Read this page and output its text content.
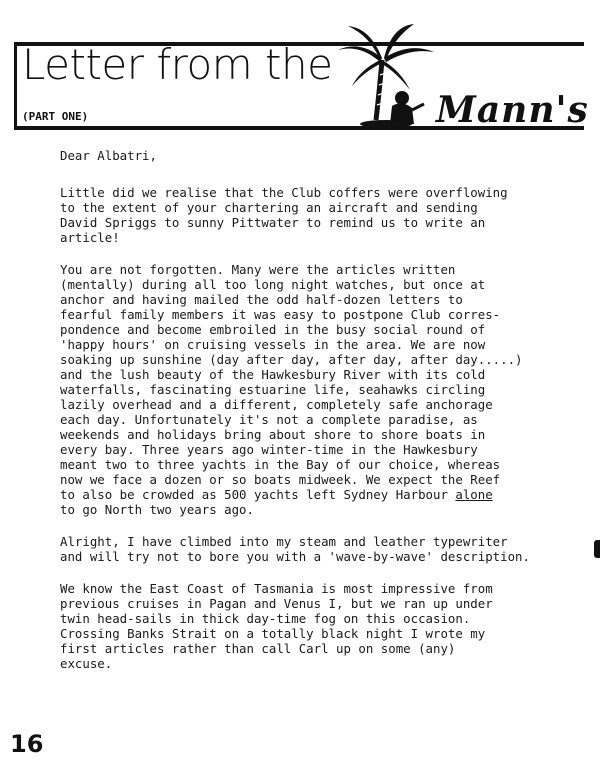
Letter from the
(PART ONE)	Mann's

Dear Albatri,

Little did we realise that the Club coffers were overflowing
to the extent of your chartering an aircraft and sending
David Spriggs to sunny Pittwater to remind us to write an
article!

You are not forgotten. Many were the articles written
(mentally) during all too long night watches, but once at
anchor and having mailed the odd half-dozen letters to
fearful family members it was easy to postpone Club corres-
pondence and become embroiled in the busy social round of
'happy hours' on cruising vessels in the area. We are now
soaking up sunshine (day after day, after day, after day.....)
and the lush beauty of the Hawkesbury River with its cold
waterfalls, fascinating estuarine life, seahawks circling
lazily overhead and a different, completely safe anchorage
each day. Unfortunately it's not a complete paradise, as
weekends and holidays bring about shore to shore boats in
every bay. Three years ago winter-time in the Hawkesbury
meant two to three yachts in the Bay of our choice, whereas
now we face a dozen or so boats midweek. We expect the Reef
to also be crowded as 500 yachts left Sydney Harbour alone
to go North two years ago.

Alright, I have climbed into my steam and leather typewriter
and will try not to bore you with a 'wave-by-wave' description.

We know the East Coast of Tasmania is most impressive from
previous cruises in Pagan and Venus I, but we ran up under
twin head-sails in thick day-time fog on this occasion.
Crossing Banks Strait on a totally black night I wrote my
first articles rather than call Carl up on some (any)
excuse.

16
